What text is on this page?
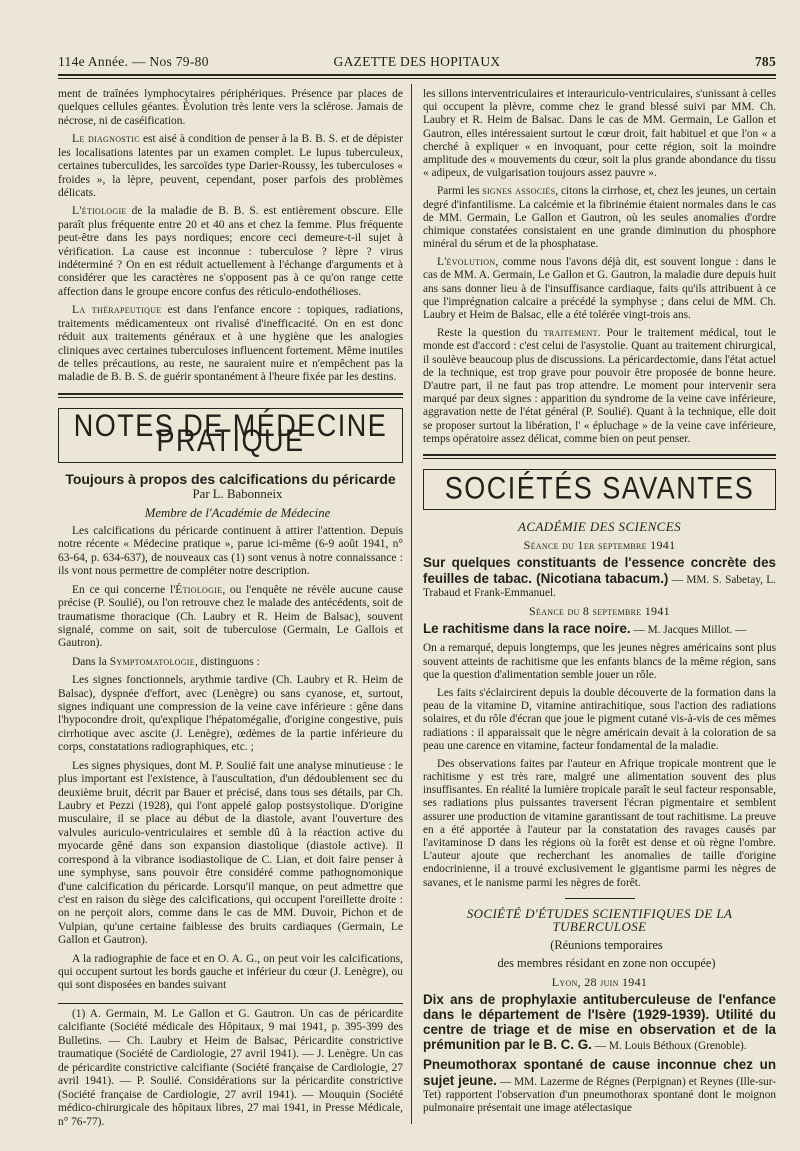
114e Année. — Nos 79-80	GAZETTE DES HOPITAUX	785

ment de traînées lymphocytaires périphériques. Présence par places de quelques cellules géantes. Évolution très lente vers la sclérose. Jamais de nécrose, ni de caséification.

Le diagnostic est aisé à condition de penser à la B. B. S. et de dépister les localisations latentes par un examen complet. Le lupus tuberculeux, certaines tuberculides, les sarcoïdes type Darier-Roussy, les tuberculoses « froides », la lèpre, peuvent, cependant, poser parfois des problèmes délicats.

L'étiologie de la maladie de B. B. S. est entièrement obscure. Elle paraît plus fréquente entre 20 et 40 ans et chez la femme. Plus fréquente peut-être dans les pays nordiques; encore ceci demeure-t-il sujet à vérification. La cause est inconnue : tuberculose ? lèpre ? virus indéterminé ? On en est réduit actuellement à l'échange d'arguments et à considérer que les caractères ne s'opposent pas à ce qu'on range cette affection dans le groupe encore confus des réticulo-endothélioses.

La thérapeutique est dans l'enfance encore : topiques, radiations, traitements médicamenteux ont rivalisé d'inefficacité. On en est donc réduit aux traitements généraux et à une hygiène que les analogies cliniques avec certaines tuberculoses influencent fortement. Même inutiles de telles précautions, au reste, ne sauraient nuire et n'empêchent pas la maladie de B. B. S. de guérir spontanément à l'heure fixée par les destins.

NOTES DE MÉDECINE PRATIQUE
Toujours à propos des calcifications du péricarde

Par L. Babonneix

Membre de l'Académie de Médecine

Les calcifications du péricarde continuent à attirer l'attention. Depuis notre récente « Médecine pratique », parue ici-même (6-9 août 1941, n° 63-64, p. 634-637), de nouveaux cas (1) sont venus à notre connaissance : ils vont nous permettre de compléter notre description.

En ce qui concerne l'Étiologie, ou l'enquête ne révèle aucune cause précise (P. Soulié), ou l'on retrouve chez le malade des antécédents, soit de traumatisme thoracique (Ch. Laubry et R. Heim de Balsac), souvent signalé, comme on sait, soit de tuberculose (Germain, Le Gallois et Gautron).

Dans la Symptomatologie, distinguons :

Les signes fonctionnels, arythmie tardive (Ch. Laubry et R. Heim de Balsac), dyspnée d'effort, avec (Lenègre) ou sans cyanose, et, surtout, signes indiquant une compression de la veine cave inférieure : gêne dans l'hypocondre droit, qu'explique l'hépatomégalie, d'origine congestive, puis cirrhotique avec ascite (J. Lenègre), œdèmes de la partie inférieure du corps, constatations radiographiques, etc. ;

Les signes physiques, dont M. P. Soulié fait une analyse minutieuse : le plus important est l'existence, à l'auscultation, d'un dédoublement sec du deuxième bruit, décrit par Bauer et précisé, dans tous ses détails, par Ch. Laubry et Pezzi (1928), qui l'ont appelé galop postsystolique. D'origine musculaire, il se place au début de la diastole, avant l'ouverture des valvules auriculo-ventriculaires et semble dû à la réaction active du myocarde gêné dans son expansion diastolique (diastole active). Il correspond à la vibrance isodiastolique de C. Lian, et doit faire penser à une symphyse, sans pouvoir être considéré comme pathognomonique d'une calcification du péricarde. Lorsqu'il manque, on peut admettre que c'est en raison du siège des calcifications, qui occupent l'oreillette droite : on ne perçoit alors, comme dans le cas de MM. Duvoir, Pichon et de Vulpian, qu'une certaine faiblesse des bruits cardiaques (Germain, Le Gallon et Gautron).

A la radiographie de face et en O. A. G., on peut voir les calcifications, qui occupent surtout les bords gauche et inférieur du cœur (J. Lenègre), ou qui sont disposées en bandes suivant

(1) A. Germain, M. Le Gallon et G. Gautron. Un cas de péricardite calcifiante (Société médicale des Hôpitaux, 9 mai 1941, p. 395-399 des Bulletins. — Ch. Laubry et Heim de Balsac, Péricardite constrictive traumatique (Société de Cardiologie, 27 avril 1941). — J. Lenègre. Un cas de péricardite constrictive calcifiante (Société française de Cardiologie, 27 avril 1941). — P. Soulié. Considérations sur la péricardite constrictive (Société française de Cardiologie, 27 avril 1941). — Mouquin (Société médico-chirurgicale des hôpitaux libres, 27 mai 1941, in Presse Médicale, n° 76-77).

les sillons interventriculaires et interauriculo-ventriculaires, s'unissant à celles qui occupent la plèvre, comme chez le grand blessé suivi par MM. Ch. Laubry et R. Heim de Balsac. Dans le cas de MM. Germain, Le Gallon et Gautron, elles intéressaient surtout le cœur droit, fait habituel et que l'on « a cherché à expliquer « en invoquant, pour cette région, soit la moindre amplitude des « mouvements du cœur, soit la plus grande abondance du tissu « adipeux, de vulgarisation toujours assez pauvre ».

Parmi les signes associés, citons la cirrhose, et, chez les jeunes, un certain degré d'infantilisme. La calcémie et la fibrinémie étaient normales dans le cas de MM. Germain, Le Gallon et Gautron, où les seules anomalies d'ordre chimique constatées consistaient en une grande diminution du phosphore minéral du sérum et de la phosphatase.

L'évolution, comme nous l'avons déjà dit, est souvent longue : dans le cas de MM. A. Germain, Le Gallon et G. Gautron, la maladie dure depuis huit ans sans donner lieu à de l'insuffisance cardiaque, faits qu'ils attribuent à ce que l'imprégnation calcaire a précédé la symphyse ; dans celui de MM. Ch. Laubry et Heim de Balsac, elle a été tolérée vingt-trois ans.

Reste la question du traitement. Pour le traitement médical, tout le monde est d'accord : c'est celui de l'asystolie. Quant au traitement chirurgical, il soulève beaucoup plus de discussions. La péricardectomie, dans l'état actuel de la technique, est trop grave pour pouvoir être proposée de bonne heure. D'autre part, il ne faut pas trop attendre. Le moment pour intervenir sera marqué par deux signes : apparition du syndrome de la veine cave inférieure, aggravation nette de l'état général (P. Soulié). Quant à la technique, elle doit se proposer surtout la libération, l' « épluchage » de la veine cave inférieure, temps opératoire assez délicat, comme bien on peut penser.

SOCIÉTÉS SAVANTES
ACADÉMIE DES SCIENCES
Séance du 1er septembre 1941

Sur quelques constituants de l'essence concrète des feuilles de tabac. (Nicotiana tabacum.) — MM. S. Sabetay, L. Trabaud et Frank-Emmanuel.

Séance du 8 septembre 1941

Le rachitisme dans la race noire. — M. Jacques Millot. —

On a remarqué, depuis longtemps, que les jeunes nègres américains sont plus souvent atteints de rachitisme que les enfants blancs de la même région, sans que la question d'alimentation semble jouer un rôle.

Les faits s'éclaircirent depuis la double découverte de la formation dans la peau de la vitamine D, vitamine antirachitique, sous l'action des radiations solaires, et du rôle d'écran que joue le pigment cutané vis-à-vis de ces mêmes radiations : il apparaissait que le nègre américain devait à la coloration de sa peau une carence en vitamine, facteur fondamental de la maladie.

Des observations faites par l'auteur en Afrique tropicale montrent que le rachitisme y est très rare, malgré une alimentation souvent des plus insuffisantes. En réalité la lumière tropicale paraît le seul facteur responsable, ses radiations plus puissantes traversent l'écran pigmentaire et semblent assurer une production de vitamine garantissant de tout rachitisme. La preuve en a été apportée à l'auteur par la constatation des ravages causés par l'avitaminose D dans les régions où la forêt est dense et où règne l'ombre. L'auteur ajoute que recherchant les anomalies de taille d'origine endocrinienne, il a trouvé exclusivement le gigantisme parmi les nègres de savanes, et le nanisme parmi les nègres de forêt.

SOCIÉTÉ D'ÉTUDES SCIENTIFIQUES DE LA TUBERCULOSE

(Réunions temporaires

des membres résidant en zone non occupée)

Lyon, 28 juin 1941

Dix ans de prophylaxie antituberculeuse de l'enfance dans le département de l'Isère (1929-1939). Utilité du centre de triage et de mise en observation et de la prémunition par le B. C. G. — M. Louis Béthoux (Grenoble).

Pneumothorax spontané de cause inconnue chez un sujet jeune. — MM. Lazerme de Régnes (Perpignan) et Reynes (Ille-sur-Tet) rapportent l'observation d'un pneumothorax spontané dont le moignon pulmonaire présentait une image atélectasique
